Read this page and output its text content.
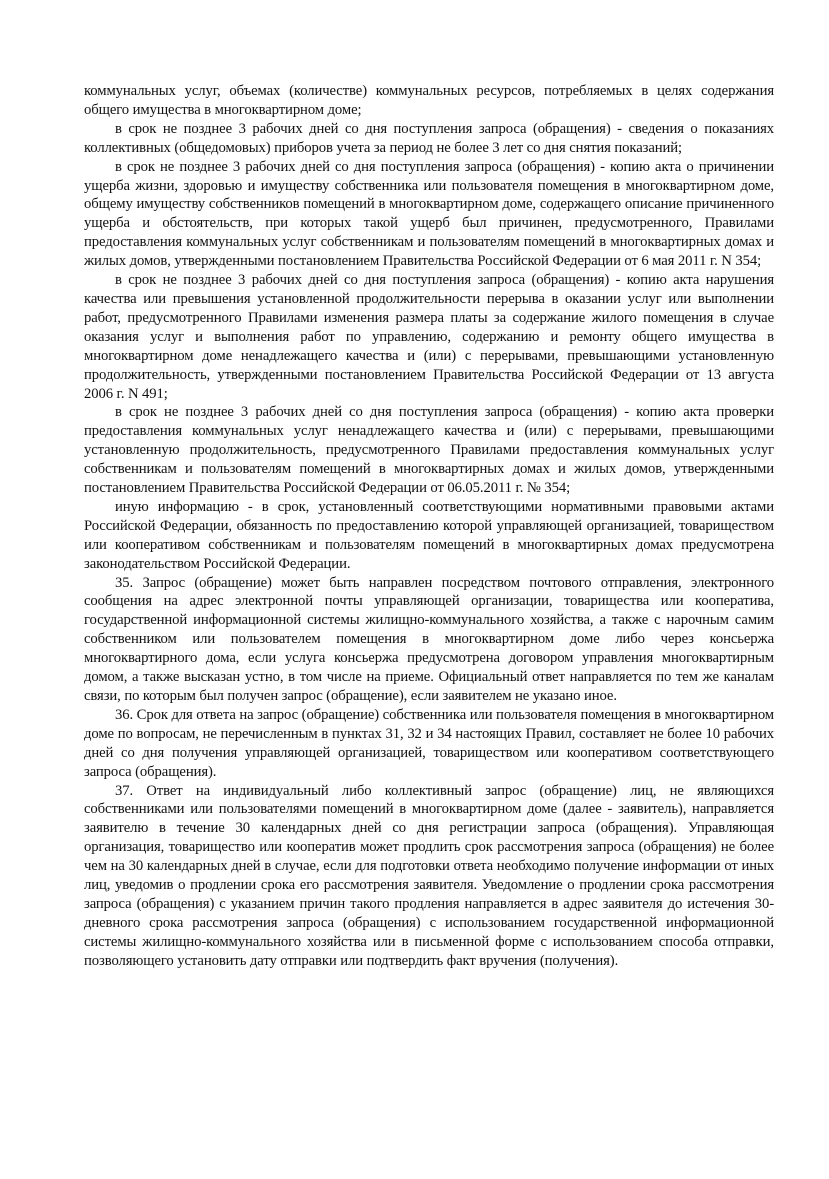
коммунальных услуг, объемах (количестве) коммунальных ресурсов, потребляемых в целях содержания общего имущества в многоквартирном доме;

в срок не позднее 3 рабочих дней со дня поступления запроса (обращения) - сведения о показаниях коллективных (общедомовых) приборов учета за период не более 3 лет со дня снятия показаний;

в срок не позднее 3 рабочих дней со дня поступления запроса (обращения) - копию акта о причинении ущерба жизни, здоровью и имуществу собственника или пользователя помещения в многоквартирном доме, общему имуществу собственников помещений в многоквартирном доме, содержащего описание причиненного ущерба и обстоятельств, при которых такой ущерб был причинен, предусмотренного, Правилами предоставления коммунальных услуг собственникам и пользователям помещений в многоквартирных домах и жилых домов, утвержденными постановлением Правительства Российской Федерации от 6 мая 2011 г. N 354;

в срок не позднее 3 рабочих дней со дня поступления запроса (обращения) - копию акта нарушения качества или превышения установленной продолжительности перерыва в оказании услуг или выполнении работ, предусмотренного Правилами изменения размера платы за содержание жилого помещения в случае оказания услуг и выполнения работ по управлению, содержанию и ремонту общего имущества в многоквартирном доме ненадлежащего качества и (или) с перерывами, превышающими установленную продолжительность, утвержденными постановлением Правительства Российской Федерации от 13 августа 2006 г. N 491;

в срок не позднее 3 рабочих дней со дня поступления запроса (обращения) - копию акта проверки предоставления коммунальных услуг ненадлежащего качества и (или) с перерывами, превышающими установленную продолжительность, предусмотренного Правилами предоставления коммунальных услуг собственникам и пользователям помещений в многоквартирных домах и жилых домов, утвержденными постановлением Правительства Российской Федерации от 06.05.2011 г. № 354;

иную информацию - в срок, установленный соответствующими нормативными правовыми актами Российской Федерации, обязанность по предоставлению которой управляющей организацией, товариществом или кооперативом собственникам и пользователям помещений в многоквартирных домах предусмотрена законодательством Российской Федерации.

35. Запрос (обращение) может быть направлен посредством почтового отправления, электронного сообщения на адрес электронной почты управляющей организации, товарищества или кооператива, государственной информационной системы жилищно-коммунального хозяйства, а также с нарочным самим собственником или пользователем помещения в многоквартирном доме либо через консьержа многоквартирного дома, если услуга консьержа предусмотрена договором управления многоквартирным домом, а также высказан устно, в том числе на приеме. Официальный ответ направляется по тем же каналам связи, по которым был получен запрос (обращение), если заявителем не указано иное.

36. Срок для ответа на запрос (обращение) собственника или пользователя помещения в многоквартирном доме по вопросам, не перечисленным в пунктах 31, 32 и 34 настоящих Правил, составляет не более 10 рабочих дней со дня получения управляющей организацией, товариществом или кооперативом соответствующего запроса (обращения).

37. Ответ на индивидуальный либо коллективный запрос (обращение) лиц, не являющихся собственниками или пользователями помещений в многоквартирном доме (далее - заявитель), направляется заявителю в течение 30 календарных дней со дня регистрации запроса (обращения). Управляющая организация, товарищество или кооператив может продлить срок рассмотрения запроса (обращения) не более чем на 30 календарных дней в случае, если для подготовки ответа необходимо получение информации от иных лиц, уведомив о продлении срока его рассмотрения заявителя. Уведомление о продлении срока рассмотрения запроса (обращения) с указанием причин такого продления направляется в адрес заявителя до истечения 30-дневного срока рассмотрения запроса (обращения) с использованием государственной информационной системы жилищно-коммунального хозяйства или в письменной форме с использованием способа отправки, позволяющего установить дату отправки или подтвердить факт вручения (получения).
